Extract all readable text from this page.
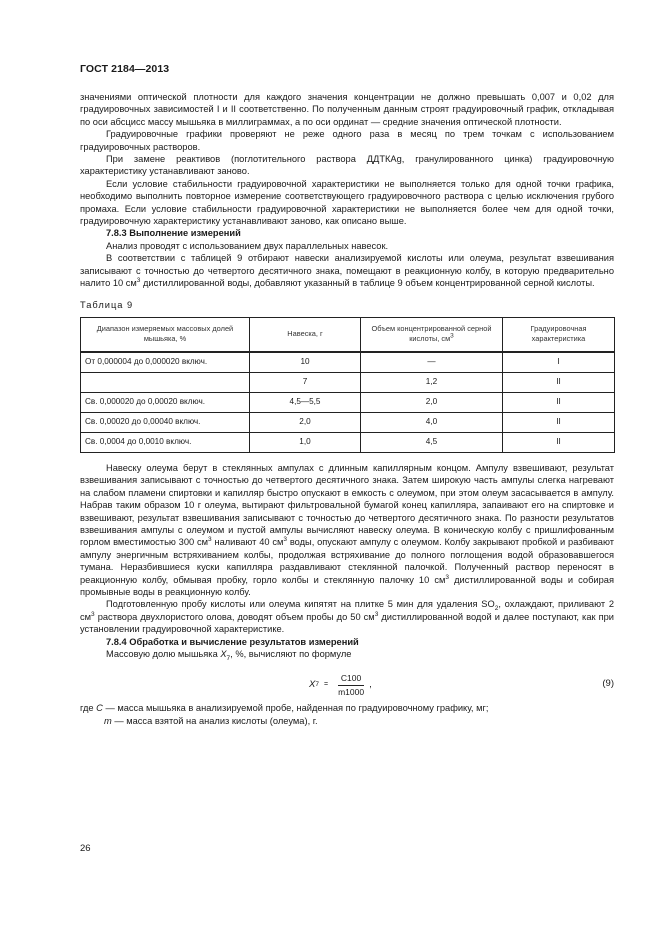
ГОСТ 2184—2013

значениями оптической плотности для каждого значения концентрации не должно превышать 0,007 и 0,02 для градуировочных зависимостей I и II соответственно. По полученным данным строят градуировочный график, откладывая по оси абсцисс массу мышьяка в миллиграммах, а по оси ординат — средние значения оптической плотности.

Градуировочные графики проверяют не реже одного раза в месяц по трем точкам с использованием градуировочных растворов.

При замене реактивов (поглотительного раствора ДДТКAg, гранулированного цинка) градуировочную характеристику устанавливают заново.

Если условие стабильности градуировочной характеристики не выполняется только для одной точки графика, необходимо выполнить повторное измерение соответствующего градуировочного раствора с целью исключения грубого промаха. Если условие стабильности градуировочной характеристики не выполняется более чем для одной точки, градуировочную характеристику устанавливают заново, как описано выше.

7.8.3 Выполнение измерений

Анализ проводят с использованием двух параллельных навесок.

В соответствии с таблицей 9 отбирают навески анализируемой кислоты или олеума, результат взвешивания записывают с точностью до четвертого десятичного знака, помещают в реакционную колбу, в которую предварительно налито 10 $см^3$ дистиллированной воды, добавляют указанный в таблице 9 объем концентрированной серной кислоты.

Таблица 9
Диапазон измеряемых массовых долей мышьяка, %	Навеска, г	Объем концентрированной серной кислоты, $см^3$	Градуировочная характеристика
От 0,000004 до 0,000020 включ.	10	—	I
	7	1,2	II
Св. 0,000020 до 0,00020 включ.	4,5—5,5	2,0	II
Св. 0,00020 до 0,00040 включ.	2,0	4,0	II
Св. 0,0004 до 0,0010 включ.	1,0	4,5	II

Навеску олеума берут в стеклянных ампулах с длинным капиллярным концом. Ампулу взвешивают, результат взвешивания записывают с точностью до четвертого десятичного знака. Затем широкую часть ампулы слегка нагревают на слабом пламени спиртовки и капилляр быстро опускают в емкость с олеумом, при этом олеум засасывается в ампулу. Набрав таким образом 10 г олеума, вытирают фильтровальной бумагой конец капилляра, запаивают его на спиртовке и взвешивают, результат взвешивания записывают с точностью до четвертого десятичного знака. По разности результатов взвешивания ампулы с олеумом и пустой ампулы вычисляют навеску олеума. В коническую колбу с пришлифованным горлом вместимостью 300 $см^3$ наливают 40 $см^3$ воды, опускают ампулу с олеумом. Колбу закрывают пробкой и разбивают ампулу энергичным встряхиванием колбы, продолжая встряхивание до полного поглощения водой образовавшегося тумана. Неразбившиеся куски капилляра раздавливают стеклянной палочкой. Полученный раствор переносят в реакционную колбу, обмывая пробку, горло колбы и стеклянную палочку 10 $см^3$ дистиллированной воды и собирая промывные воды в реакционную колбу.

Подготовленную пробу кислоты или олеума кипятят на плитке 5 мин для удаления $SO_2$, охлаждают, приливают 2 $см^3$ раствора двухлористого олова, доводят объем пробы до 50 $см^3$ дистиллированной водой и далее поступают, как при установлении градуировочной характеристике.

7.8.4 Обработка и вычисление результатов измерений

Массовую долю мышьяка $X_7$, %, вычисляют по формуле

X $7 = \frac{C100}{m1000}$ ,	(9)
где C — масса мышьяка в анализируемой пробе, найденная по градуировочному графику, мг;
m — масса взятой на анализ кислоты (олеума), г.
26
